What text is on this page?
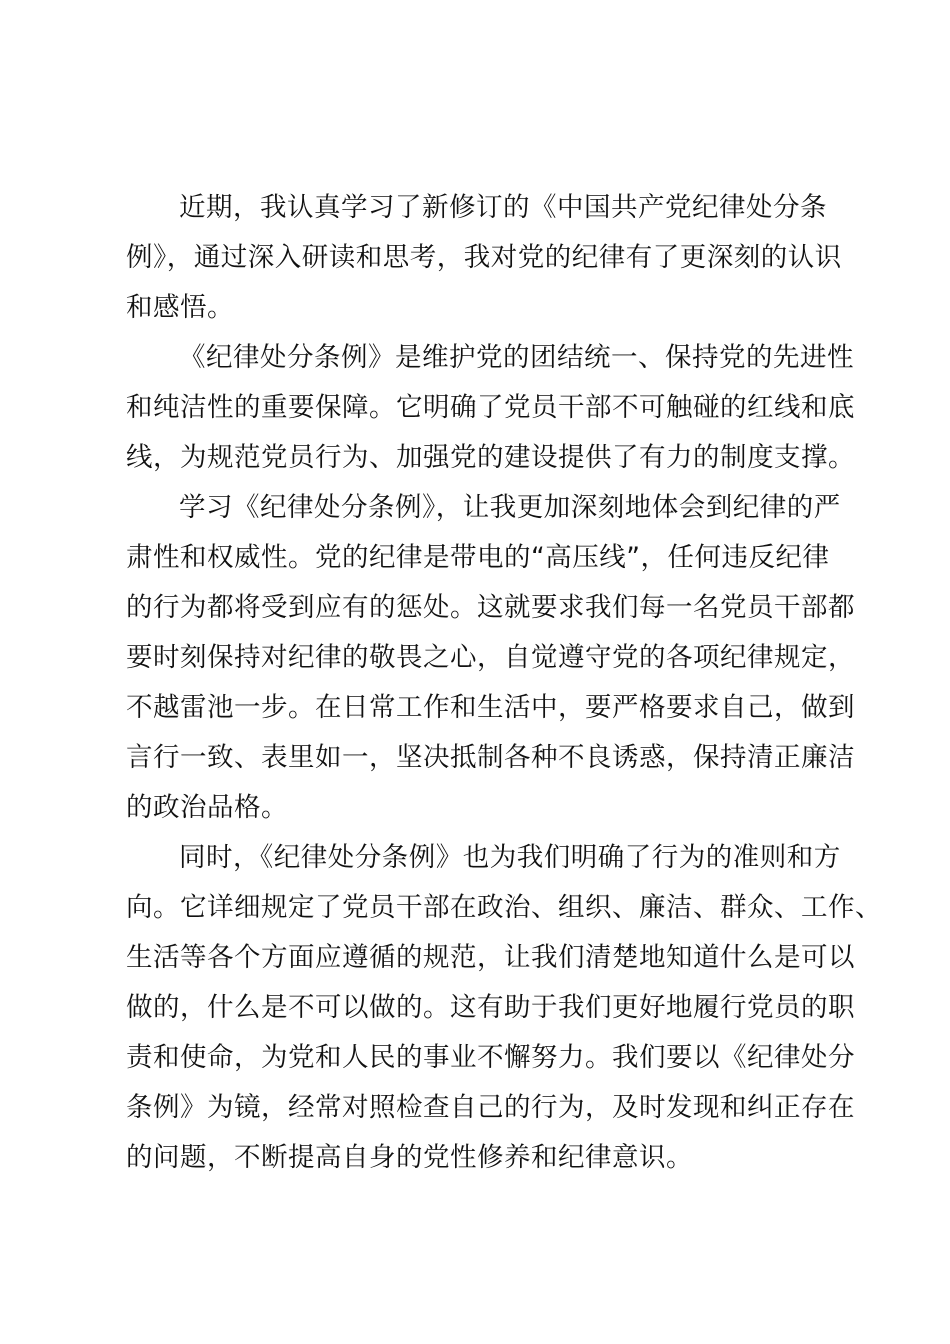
近期，我认真学习了新修订的《中国共产党纪律处分条
例》，通过深入研读和思考，我对党的纪律有了更深刻的认识
和感悟。

《纪律处分条例》是维护党的团结统一、保持党的先进性
和纯洁性的重要保障。它明确了党员干部不可触碰的红线和底
线，为规范党员行为、加强党的建设提供了有力的制度支撑。

学习《纪律处分条例》，让我更加深刻地体会到纪律的严
肃性和权威性。党的纪律是带电的“高压线”，任何违反纪律
的行为都将受到应有的惩处。这就要求我们每一名党员干部都
要时刻保持对纪律的敬畏之心，自觉遵守党的各项纪律规定，
不越雷池一步。在日常工作和生活中，要严格要求自己，做到
言行一致、表里如一，坚决抵制各种不良诱惑，保持清正廉洁
的政治品格。

同时，《纪律处分条例》也为我们明确了行为的准则和方
向。它详细规定了党员干部在政治、组织、廉洁、群众、工作、
生活等各个方面应遵循的规范，让我们清楚地知道什么是可以
做的，什么是不可以做的。这有助于我们更好地履行党员的职
责和使命，为党和人民的事业不懈努力。我们要以《纪律处分
条例》为镜，经常对照检查自己的行为，及时发现和纠正存在
的问题，不断提高自身的党性修养和纪律意识。
